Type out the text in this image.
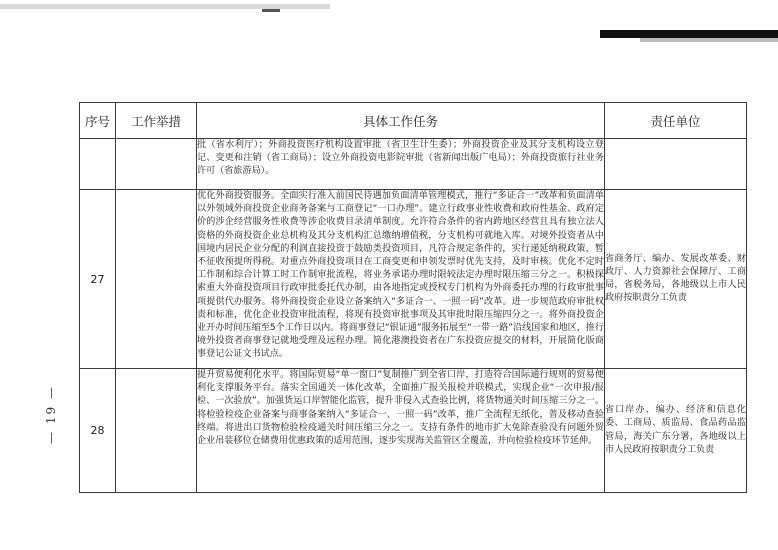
— 19 —
序号	工作举措	具体工作任务	责任单位

		批（省水利厅）；外商投资医疗机构设置审批（省卫生计生委）；外商投资企业及其分支机构设立登记、变更和注销（省工商局）；设立外商投资电影院审批（省新闻出版广电局）；外商投资旅行社业务许可（省旅游局）。	

27		优化外商投资服务。全面实行准入前国民待遇加负面清单管理模式，推行“多证合一”改革和负面清单以外领域外商投资企业商务备案与工商登记“一口办理”。建立行政事业性收费和政府性基金、政府定价的涉企经营服务性收费等涉企收费目录清单制度。允许符合条件的省内跨地区经营且具有独立法人资格的外商投资企业总机构及其分支机构汇总缴纳增值税，分支机构可就地入库。对境外投资者从中国境内居民企业分配的利润直接投资于鼓励类投资项目，凡符合规定条件的，实行递延纳税政策，暂不征收预提所得税。对重点外商投资项目在工商变更和申领发票时优先支持，及时审核。优化不定时工作制和综合计算工时工作制审批流程，将业务承诺办理时限较法定办理时限压缩三分之一。积极探索重大外商投资项目行政审批委托代办制，由各地指定或授权专门机构为外商委托办理的行政审批事项提供代办服务。将外商投资企业设立备案纳入“多证合一、一照一码”改革。进一步规范政府审批权责和标准，优化企业投资审批流程，将现有投资审批事项及其审批时限压缩四分之一。将外商投资企业开办时间压缩至5个工作日以内。将商事登记“银证通”服务拓展至“一带一路”沿线国家和地区，推行境外投资者商事登记就地受理及远程办理。简化港澳投资者在广东投资应提交的材料，开展简化版商事登记公证文书试点。	省商务厅、编办、发展改革委、财政厅、人力资源社会保障厅、工商局，省税务局，各地级以上市人民政府按职责分工负责
28		提升贸易便利化水平。将国际贸易“单一窗口”复制推广到全省口岸，打造符合国际通行规则的贸易便利化支撑服务平台。落实全国通关一体化改革，全面推广报关报检并联模式，实现企业“一次申报/报检、一次验放”。加强货运口岸智能化监管，提升非侵入式查验比例，将货物通关时间压缩三分之一。将检验检疫企业备案与商事备案纳入“多证合一、一照一码”改革，推广全流程无纸化，普及移动查验终端。将进出口货物检验检疫通关时间压缩三分之一。支持有条件的地市扩大免除查验没有问题外贸企业吊装移位仓储费用优惠政策的适用范围，逐步实现海关监管区全覆盖，并向检验检疫环节延伸。	省口岸办、编办、经济和信息化委、工商局、质监局、食品药品监管局，海关广东分署，各地级以上市人民政府按职责分工负责
